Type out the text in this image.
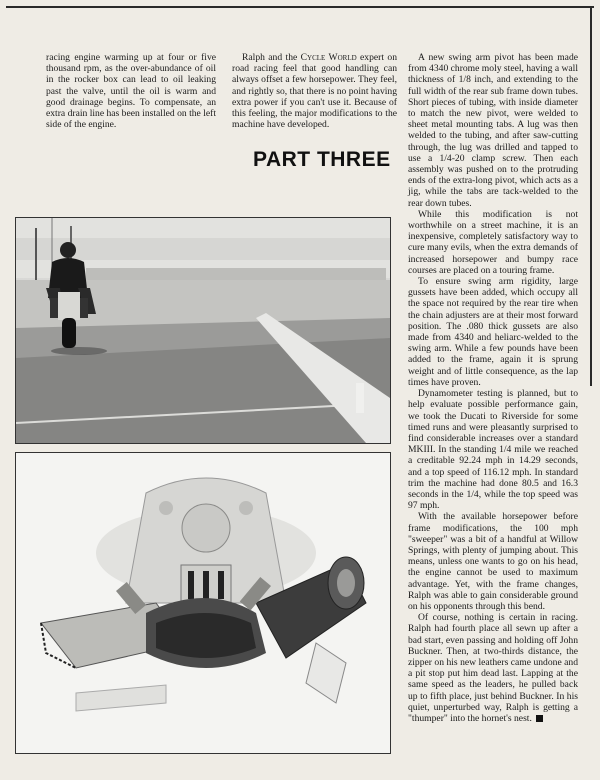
racing engine warming up at four or five thousand rpm, as the over-abundance of oil in the rocker box can lead to oil leaking past the valve, until the oil is warm and good drainage begins. To compensate, an extra drain line has been installed on the left side of the engine.

Ralph and the Cycle World expert on road racing feel that good handling can always offset a few horsepower. They feel, and rightly so, that there is no point having extra power if you can't use it. Because of this feeling, the major modifications to the machine have developed.

A new swing arm pivot has been made from 4340 chrome moly steel, having a wall thickness of 1/8 inch, and extending to the full width of the rear sub frame down tubes. Short pieces of tubing, with inside diameter to match the new pivot, were welded to sheet metal mounting tabs. A lug was then welded to the tubing, and after saw-cutting through, the lug was drilled and tapped to use a 1/4-20 clamp screw. Then each assembly was pushed on to the protruding ends of the extra-long pivot, which acts as a jig, while the tabs are tack-welded to the rear down tubes.

While this modification is not worthwhile on a street machine, it is an inexpensive, completely satisfactory way to cure many evils, when the extra demands of increased horsepower and bumpy race courses are placed on a touring frame.

To ensure swing arm rigidity, large gussets have been added, which occupy all the space not required by the rear tire when the chain adjusters are at their most forward position. The .080 thick gussets are also made from 4340 and heliarc-welded to the swing arm. While a few pounds have been added to the frame, again it is sprung weight and of little consequence, as the lap times have proven.

Dynamometer testing is planned, but to help evaluate possible performance gain, we took the Ducati to Riverside for some timed runs and were pleasantly surprised to find considerable increases over a standard MKIII. In the standing 1/4 mile we reached a creditable 92.24 mph in 14.29 seconds, and a top speed of 116.12 mph. In standard trim the machine had done 80.5 and 16.3 seconds in the 1/4, while the top speed was 97 mph.

With the available horsepower before frame modifications, the 100 mph "sweeper" was a bit of a handful at Willow Springs, with plenty of jumping about. This means, unless one wants to go on his head, the engine cannot be used to maximum advantage. Yet, with the frame changes, Ralph was able to gain considerable ground on his opponents through this bend.

Of course, nothing is certain in racing. Ralph had fourth place all sewn up after a bad start, even passing and holding off John Buckner. Then, at two-thirds distance, the zipper on his new leathers came undone and a pit stop put him dead last. Lapping at the same speed as the leaders, he pulled back up to fifth place, just behind Buckner. In his quiet, unperturbed way, Ralph is getting a "thumper" into the hornet's nest.

PART THREE
